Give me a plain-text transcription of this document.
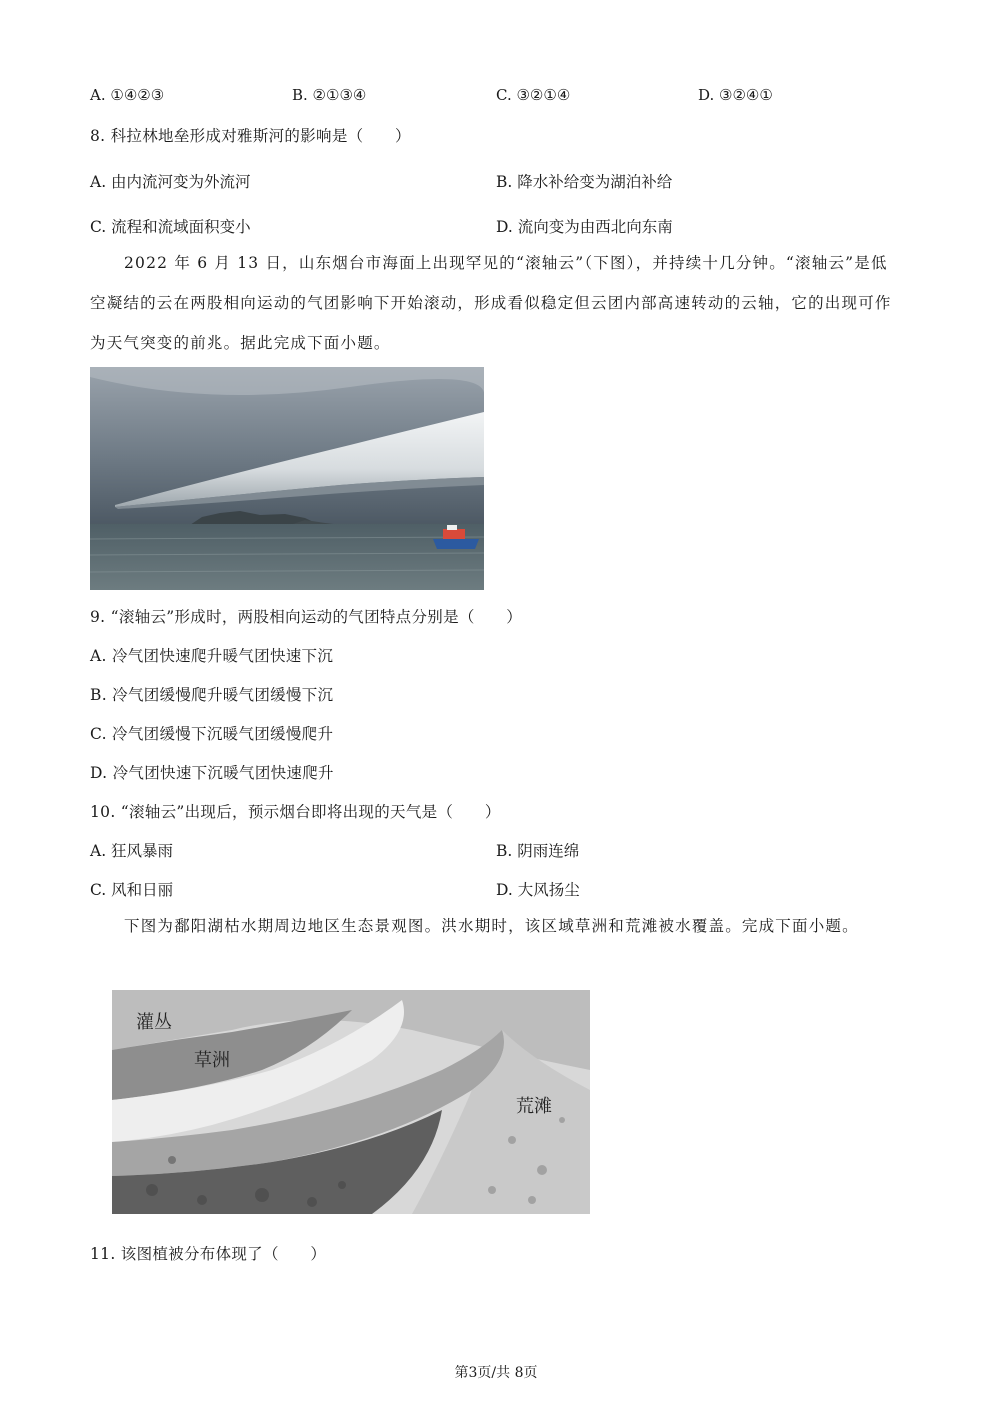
A. ①④②③	B. ②①③④	C. ③②①④	D. ③②④①
8. 科拉林地垒形成对雅斯河的影响是（　　）
A. 由内流河变为外流河	B. 降水补给变为湖泊补给
C. 流程和流域面积变小	D. 流向变为由西北向东南
2022 年 6 月 13 日，山东烟台市海面上出现罕见的“滚轴云”（下图），并持续十几分钟。“滚轴云”是低空凝结的云在两股相向运动的气团影响下开始滚动，形成看似稳定但云团内部高速转动的云轴，它的出现可作为天气突变的前兆。据此完成下面小题。
9. “滚轴云”形成时，两股相向运动的气团特点分别是（　　）
A. 冷气团快速爬升暖气团快速下沉
B. 冷气团缓慢爬升暖气团缓慢下沉
C. 冷气团缓慢下沉暖气团缓慢爬升
D. 冷气团快速下沉暖气团快速爬升
10. “滚轴云”出现后，预示烟台即将出现的天气是（　　）
A. 狂风暴雨	B. 阴雨连绵
C. 风和日丽	D. 大风扬尘
下图为鄱阳湖枯水期周边地区生态景观图。洪水期时，该区域草洲和荒滩被水覆盖。完成下面小题。
灌丛
草洲
荒滩
11. 该图植被分布体现了（　　）
第3页/共 8页
